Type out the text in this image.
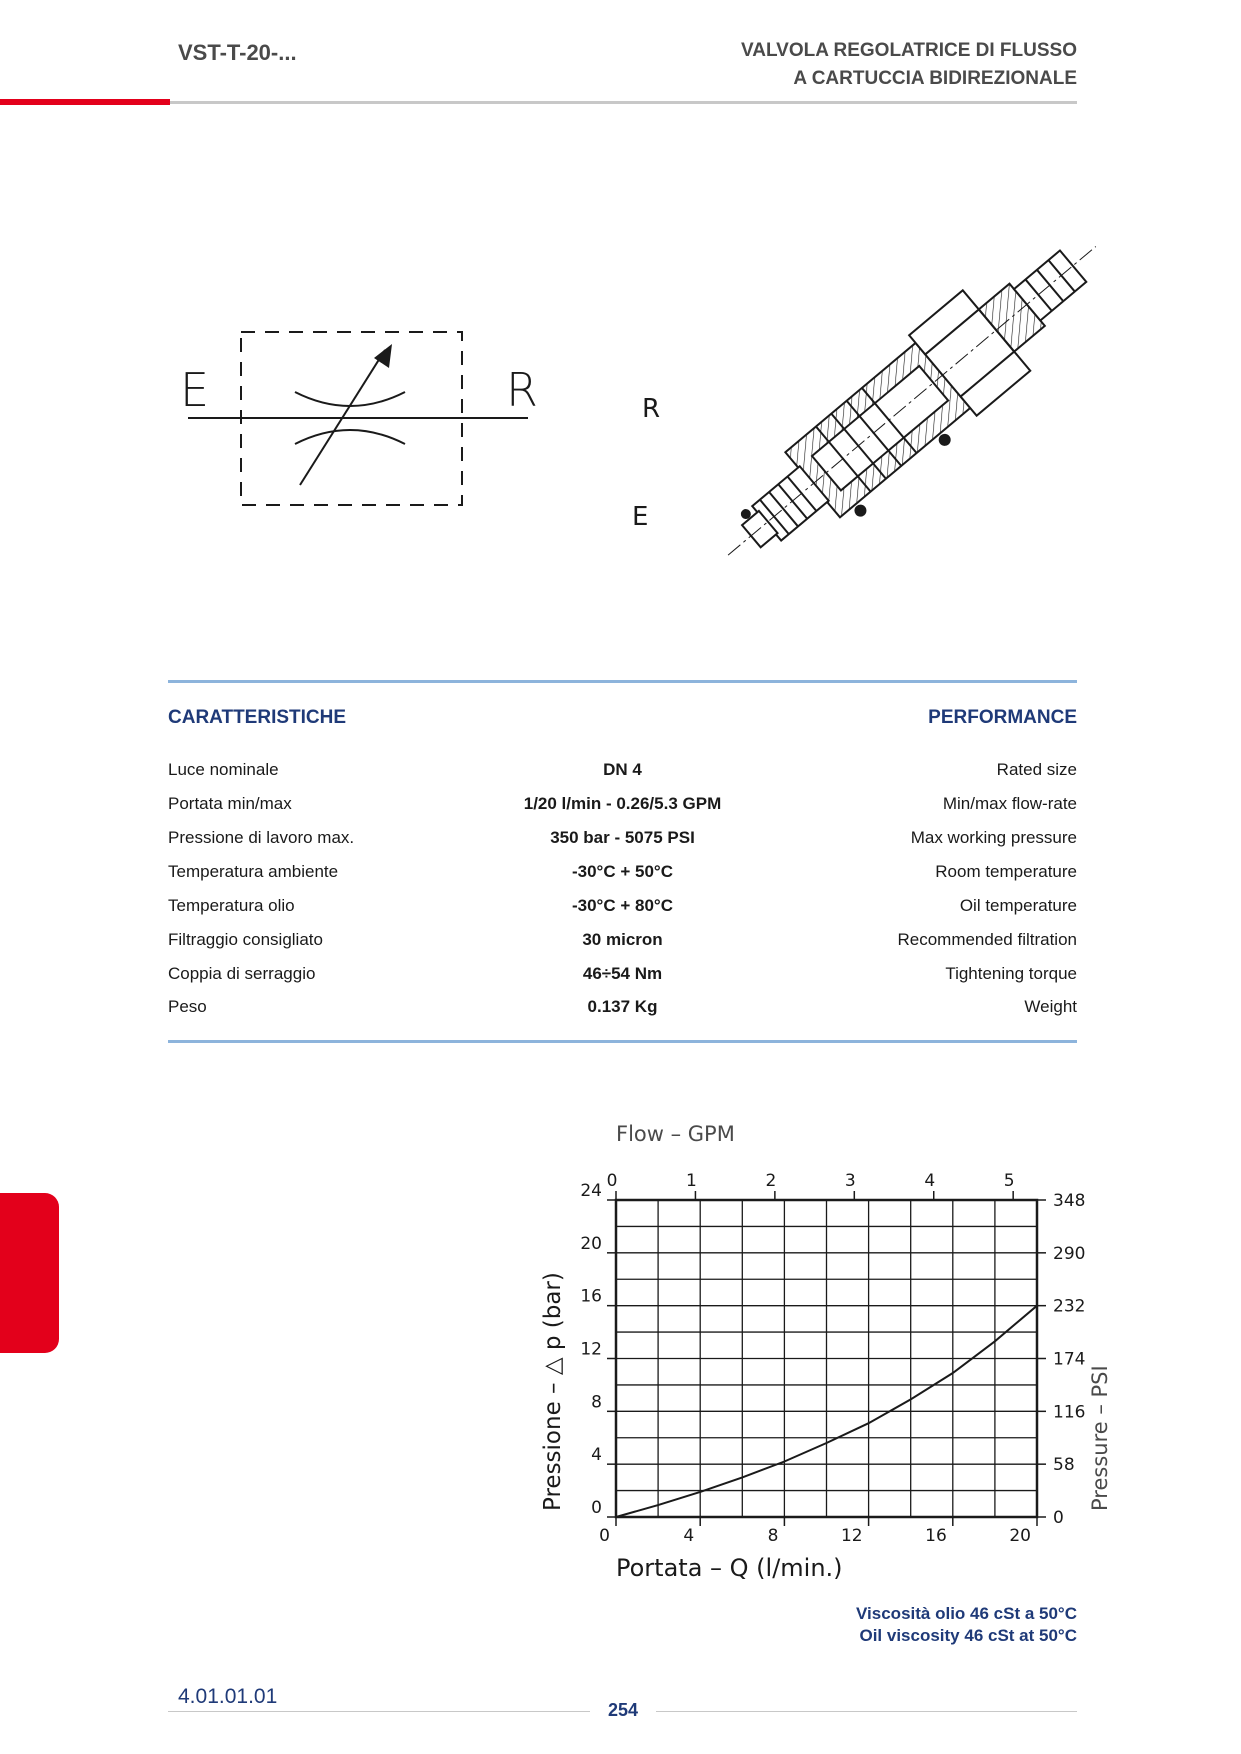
VST-T-20-...	VALVOLA REGOLATRICE DI FLUSSO
A CARTUCCIA BIDIREZIONALE
E	R	R
E
CARATTERISTICHE	PERFORMANCE
Luce nominale	DN 4	Rated size
Portata min/max	1/20 l/min - 0.26/5.3 GPM	Min/max flow-rate
Pressione di lavoro max.	350 bar - 5075 PSI	Max working pressure
Temperatura ambiente	-30°C + 50°C	Room temperature
Temperatura olio	-30°C + 80°C	Oil temperature
Filtraggio consigliato	30 micron	Recommended filtration
Coppia di serraggio	46÷54 Nm	Tightening torque
Peso	0.137 Kg	Weight
0	4	8	12	16	20
0
4
8
12
16
20
24 0	1	2	3	4	5
0
58
116
174
232
290
348
Portata – Q (l/min.)
Flow – GPM
Pressione – △ p (bar)	Pressure – PSI
Viscosità olio 46 cSt a 50°C
Oil viscosity 46 cSt at 50°C
4.01.01.01
254
